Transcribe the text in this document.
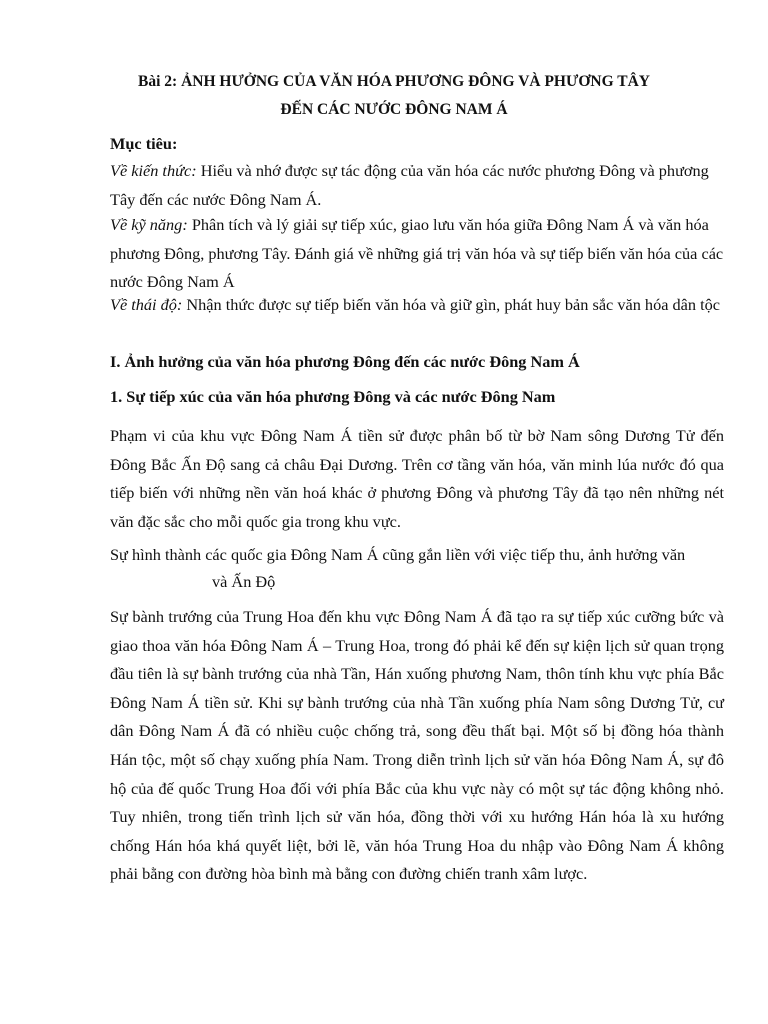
Bài 2: ẢNH HƯỞNG CỦA VĂN HÓA PHƯƠNG ĐÔNG VÀ PHƯƠNG TÂY
ĐẾN CÁC NƯỚC ĐÔNG NAM Á
Mục tiêu:
Về kiến thức: Hiểu và nhớ được sự tác động của văn hóa các nước phương Đông và phương Tây đến các nước Đông Nam Á.
Về kỹ năng: Phân tích và lý giải sự tiếp xúc, giao lưu văn hóa giữa Đông Nam Á và văn hóa phương Đông, phương Tây. Đánh giá về những giá trị văn hóa và sự tiếp biến văn hóa của các nước Đông Nam Á
Về thái độ: Nhận thức được sự tiếp biến văn hóa và giữ gìn, phát huy bản sắc văn hóa dân tộc
I. Ảnh hưởng của văn hóa phương Đông đến các nước Đông Nam Á
1. Sự tiếp xúc của văn hóa phương Đông và các nước Đông Nam
Phạm vi của khu vực Đông Nam Á tiền sử được phân bố từ bờ Nam sông Dương Tử đến Đông Bắc Ấn Độ sang cả châu Đại Dương. Trên cơ tầng văn hóa, văn minh lúa nước đó qua tiếp biến với những nền văn hoá khác ở phương Đông và phương Tây đã tạo nên những nét văn đặc sắc cho mỗi quốc gia trong khu vực.
Sự hình thành các quốc gia Đông Nam Á cũng gắn liền với việc tiếp thu, ảnh hưởng văn
và Ấn Độ
Sự bành trướng của Trung Hoa đến khu vực Đông Nam Á đã tạo ra sự tiếp xúc cưỡng bức và giao thoa văn hóa Đông Nam Á – Trung Hoa, trong đó phải kể đến sự kiện lịch sử quan trọng đầu tiên là sự bành trướng của nhà Tần, Hán xuống phương Nam, thôn tính khu vực phía Bắc Đông Nam Á tiền sử. Khi sự bành trướng của nhà Tần xuống phía Nam sông Dương Tử, cư dân Đông Nam Á đã có nhiều cuộc chống trả, song đều thất bại. Một số bị đồng hóa thành Hán tộc, một số chạy xuống phía Nam. Trong diễn trình lịch sử văn hóa Đông Nam Á, sự đô hộ của đế quốc Trung Hoa đối với phía Bắc của khu vực này có một sự tác động không nhỏ. Tuy nhiên, trong tiến trình lịch sử văn hóa, đồng thời với xu hướng Hán hóa là xu hướng chống Hán hóa khá quyết liệt, bởi lẽ, văn hóa Trung Hoa du nhập vào Đông Nam Á không phải bằng con đường hòa bình mà bằng con đường chiến tranh xâm lược.
